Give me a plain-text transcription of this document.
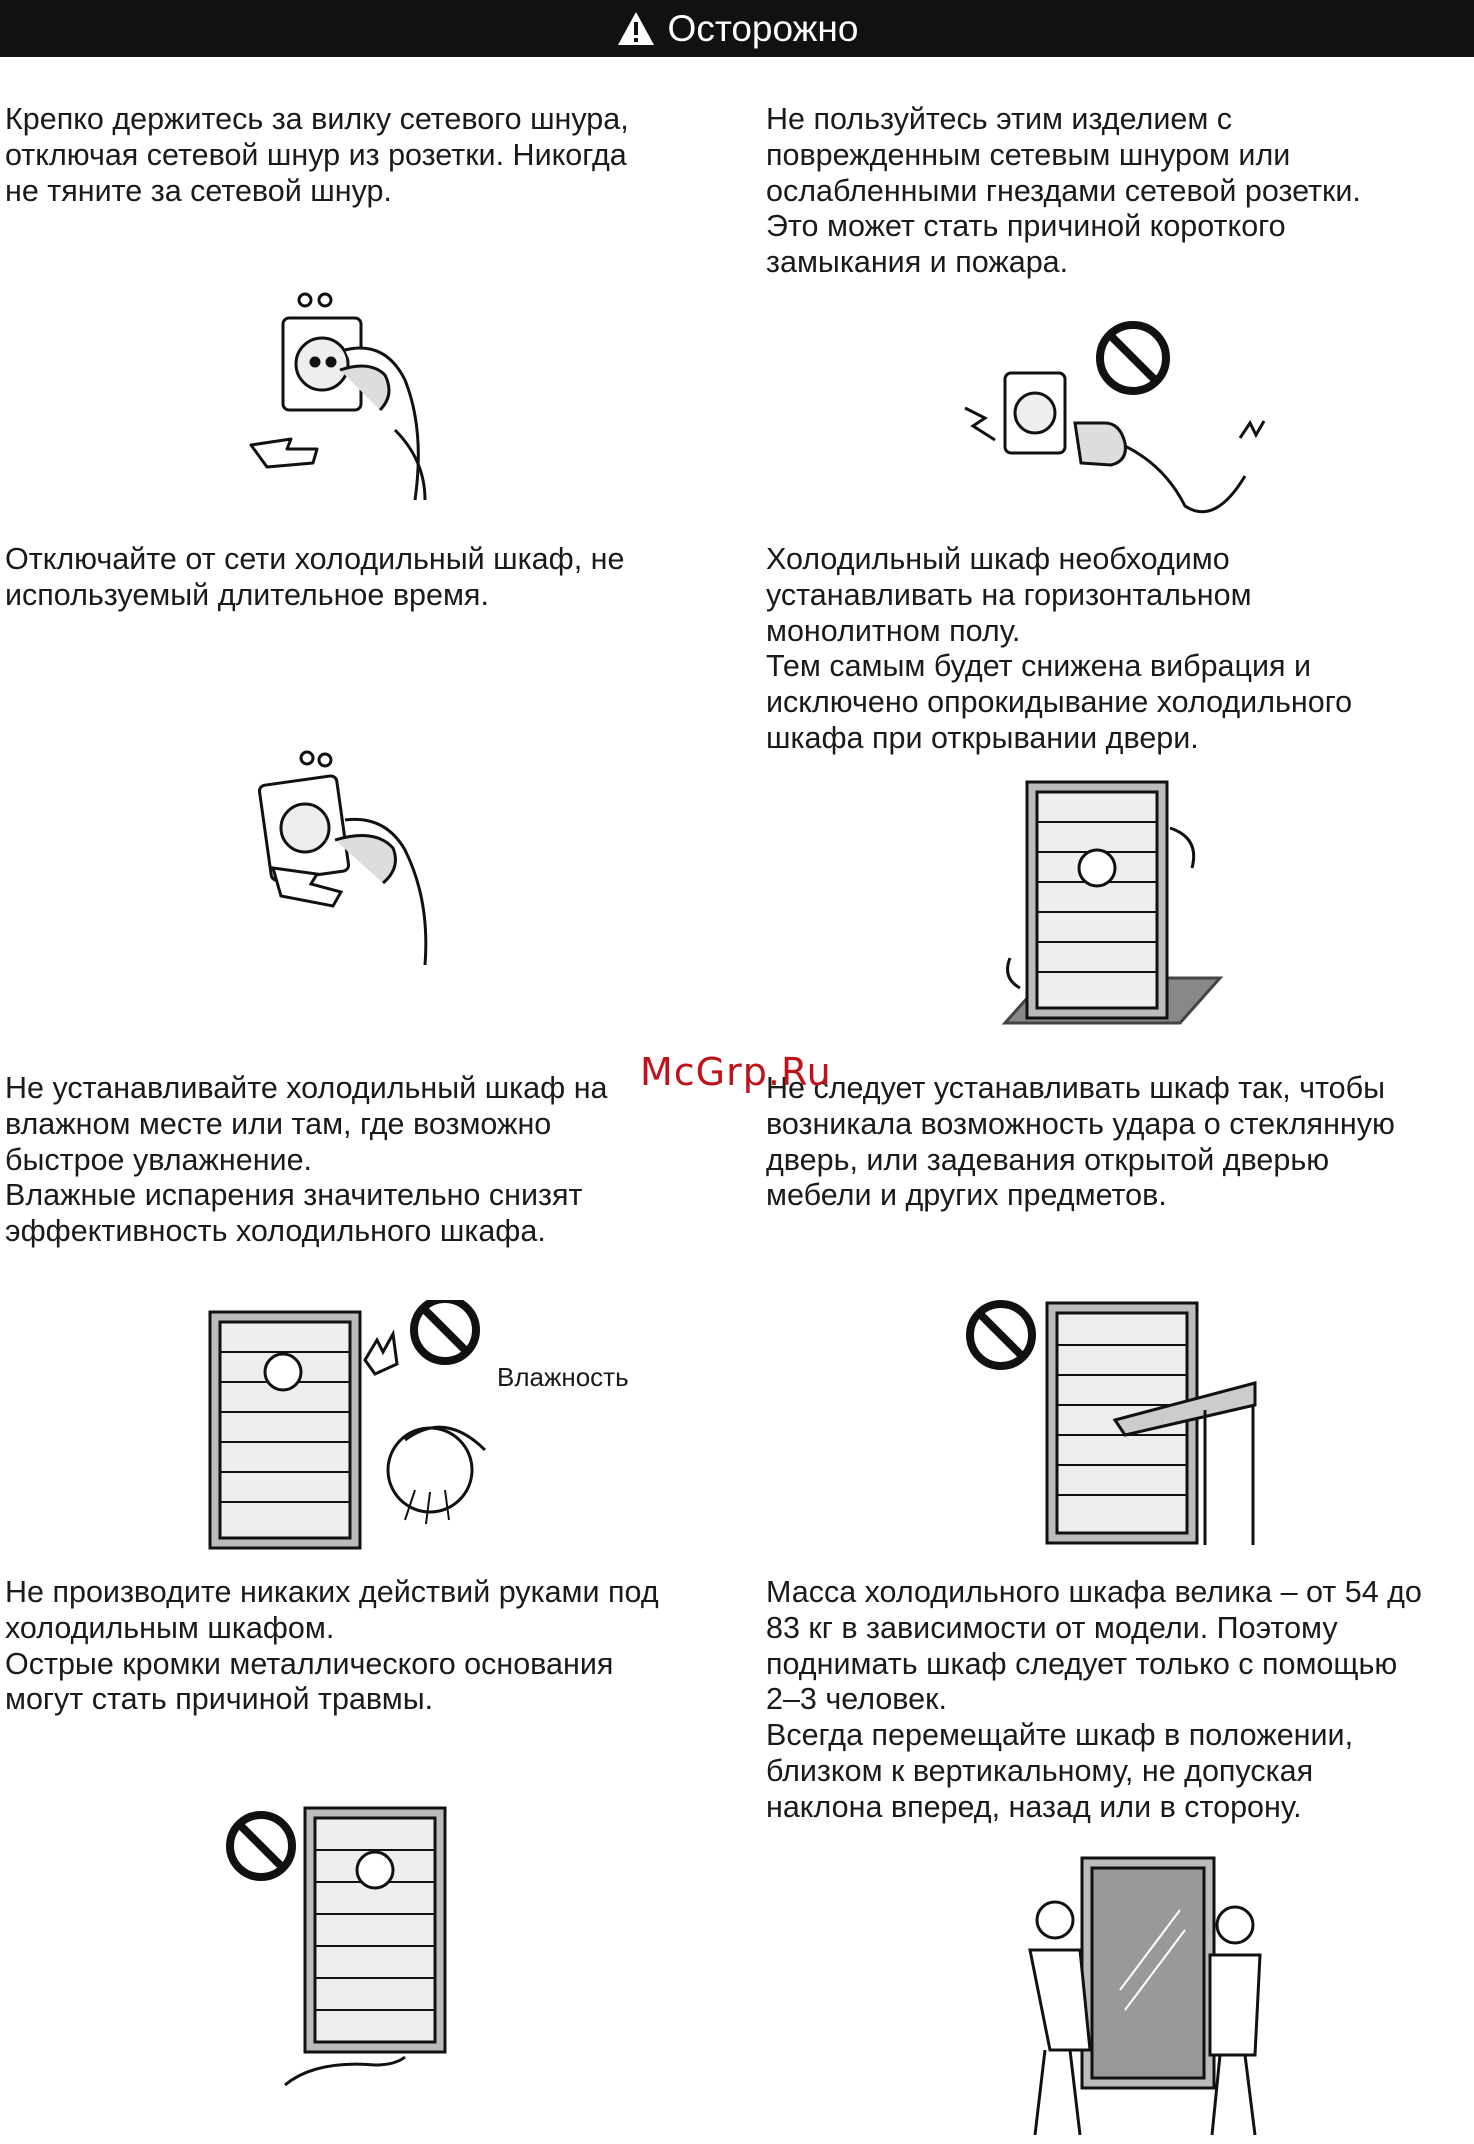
Осторожно

Крепко держитесь за вилку сетевого шнура,
отключая сетевой шнур из розетки. Никогда
не тяните за сетевой шнур.

Не пользуйтесь этим изделием с
поврежденным сетевым шнуром или
ослабленными гнездами сетевой розетки.
Это может стать причиной короткого
замыкания и пожара.

Отключайте от сети холодильный шкаф, не
используемый длительное время.

Холодильный шкаф необходимо
устанавливать на горизонтальном
монолитном полу.
Тем самым будет снижена вибрация и
исключено опрокидывание холодильного
шкафа при открывании двери.

Не устанавливайте холодильный шкаф на
влажном месте или там, где возможно
быстрое увлажнение.
Влажные испарения значительно снизят
эффективность холодильного шкафа.

Не следует устанавливать шкаф так, чтобы
возникала возможность удара о стеклянную
дверь, или задевания открытой дверью
мебели и других предметов.

Не производите никаких действий руками под
холодильным шкафом.
Острые кромки металлического основания
могут стать причиной травмы.

Масса холодильного шкафа велика – от 54 до
83 кг в зависимости от модели. Поэтому
поднимать шкаф следует только с помощью
2–3 человек.
Всегда перемещайте шкаф в положении,
близком к вертикальному, не допуская
наклона вперед, назад или в сторону.

McGrp.Ru
Влажность
